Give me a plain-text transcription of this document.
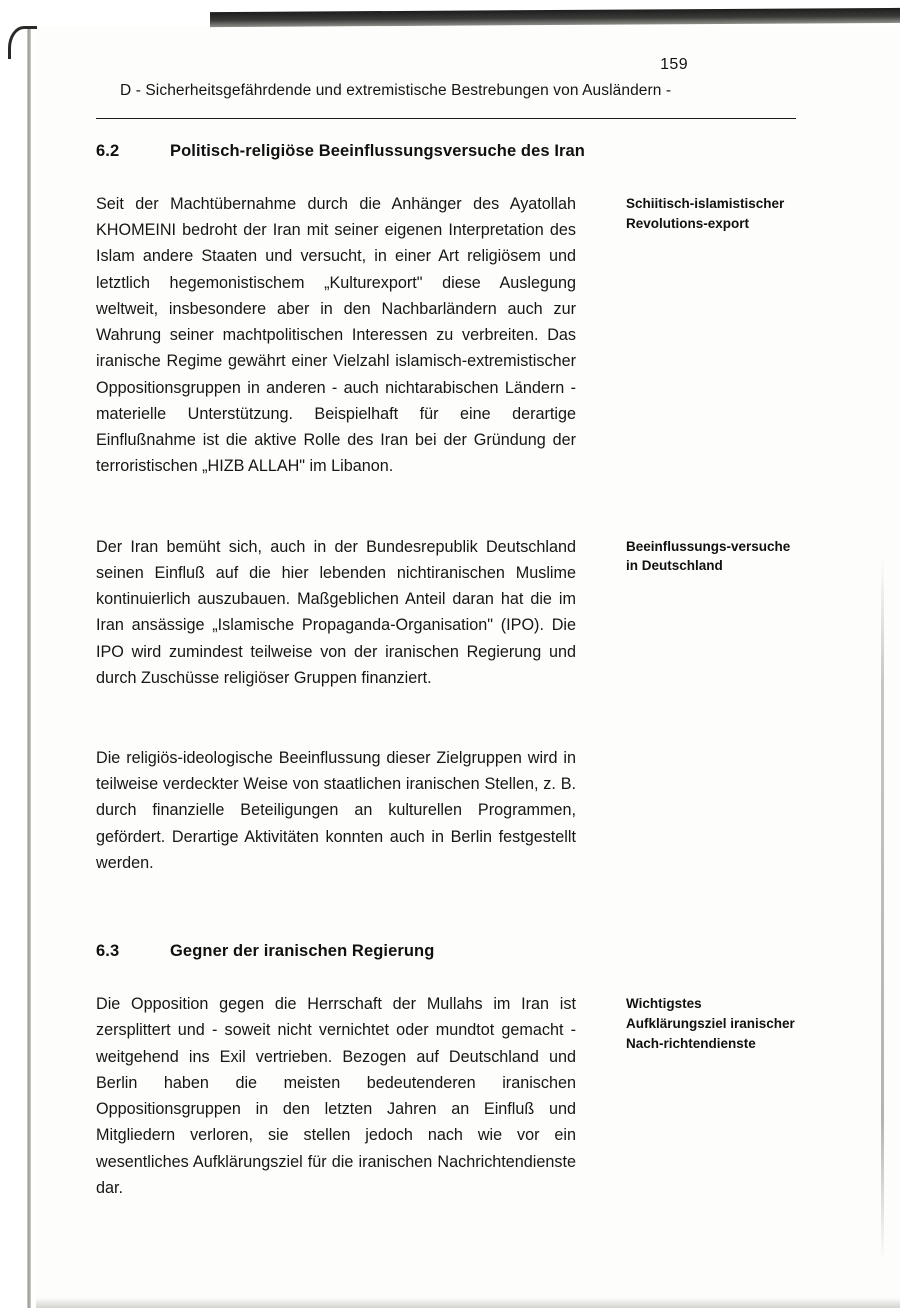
159
D - Sicherheitsgefährdende und extremistische Bestrebungen von Ausländern -
6.2	Politisch-religiöse Beeinflussungsversuche des Iran

Seit der Machtübernahme durch die Anhänger des Ayatollah KHOMEINI bedroht der Iran mit seiner eigenen Interpretation des Islam andere Staaten und versucht, in einer Art religiösem und letztlich hegemonistischem „Kulturexport" diese Auslegung weltweit, insbesondere aber in den Nachbarländern auch zur Wahrung seiner machtpolitischen Interessen zu verbreiten. Das iranische Regime gewährt einer Vielzahl islamisch-extremistischer Oppositionsgruppen in anderen - auch nichtarabischen Ländern - materielle Unterstützung. Beispielhaft für eine derartige Einflußnahme ist die aktive Rolle des Iran bei der Gründung der terroristischen „HIZB ALLAH" im Libanon.

Schiitisch-islamistischer Revolutions-export

Der Iran bemüht sich, auch in der Bundesrepublik Deutschland seinen Einfluß auf die hier lebenden nichtiranischen Muslime kontinuierlich auszubauen. Maßgeblichen Anteil daran hat die im Iran ansässige „Islamische Propaganda-Organisation" (IPO). Die IPO wird zumindest teilweise von der iranischen Regierung und durch Zuschüsse religiöser Gruppen finanziert.

Beeinflussungs-versuche in Deutschland

Die religiös-ideologische Beeinflussung dieser Zielgruppen wird in teilweise verdeckter Weise von staatlichen iranischen Stellen, z. B. durch finanzielle Beteiligungen an kulturellen Programmen, gefördert. Derartige Aktivitäten konnten auch in Berlin festgestellt werden.

6.3	Gegner der iranischen Regierung

Die Opposition gegen die Herrschaft der Mullahs im Iran ist zersplittert und - soweit nicht vernichtet oder mundtot gemacht - weitgehend ins Exil vertrieben. Bezogen auf Deutschland und Berlin haben die meisten bedeutenderen iranischen Oppositionsgruppen in den letzten Jahren an Einfluß und Mitgliedern verloren, sie stellen jedoch nach wie vor ein wesentliches Aufklärungsziel für die iranischen Nachrichtendienste dar.

Wichtigstes Aufklärungsziel iranischer Nach-richtendienste
